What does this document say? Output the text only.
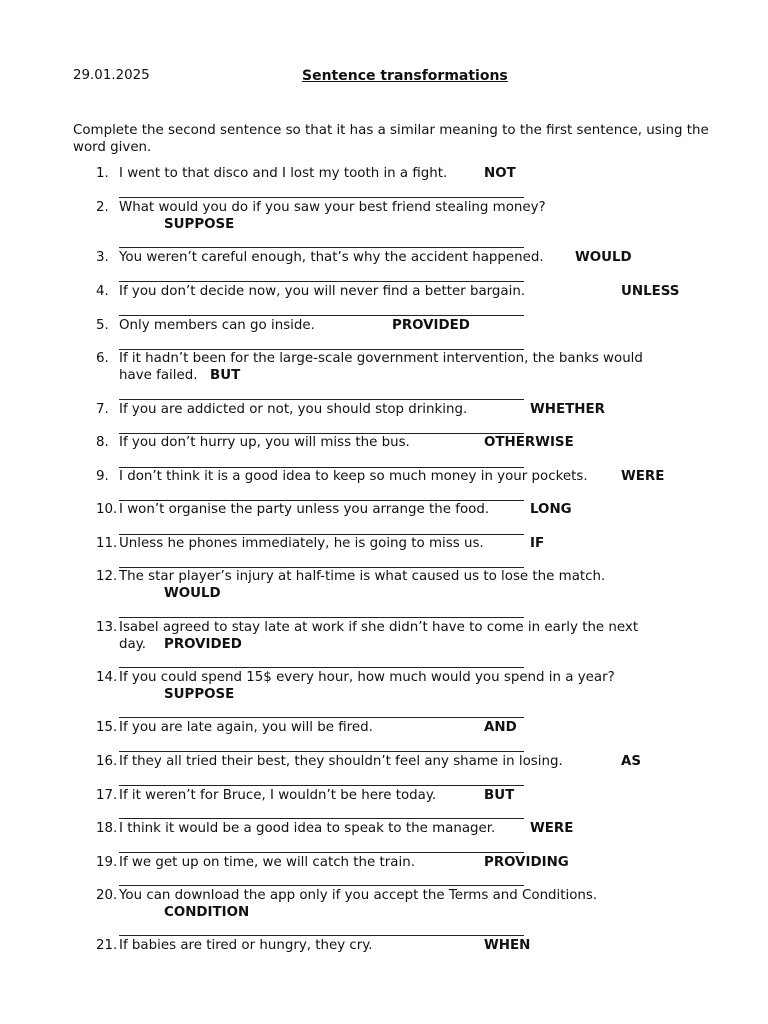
29.01.2025	Sentence transformations
Complete the second sentence so that it has a similar meaning to the first sentence, using the word given.
1. I went to that disco and I lost my tooth in a fight.	NOT
2. What would you do if you saw your best friend stealing money?
SUPPOSE
3. You weren’t careful enough, that’s why the accident happened. WOULD
4. If you don’t decide now, you will never find a better bargain.	UNLESS
5. Only members can go inside.	PROVIDED
6. If it hadn’t been for the large-scale government intervention, the banks would
have failed. BUT
7. If you are addicted or not, you should stop drinking.	WHETHER
8. If you don’t hurry up, you will miss the bus.	OTHERWISE
9. I don’t think it is a good idea to keep so much money in your pockets. WERE
10. I won’t organise the party unless you arrange the food.	LONG
11. Unless he phones immediately, he is going to miss us.	IF
12. The star player’s injury at half-time is what caused us to lose the match.
WOULD
13. Isabel agreed to stay late at work if she didn’t have to come in early the next
day. PROVIDED
14. If you could spend 15$ every hour, how much would you spend in a year?
SUPPOSE
15. If you are late again, you will be fired.	AND
16. If they all tried their best, they shouldn’t feel any shame in losing.	AS
17. If it weren’t for Bruce, I wouldn’t be here today.	BUT
18. I think it would be a good idea to speak to the manager.	WERE
19. If we get up on time, we will catch the train.	PROVIDING
20. You can download the app only if you accept the Terms and Conditions.
CONDITION
21. If babies are tired or hungry, they cry.	WHEN
